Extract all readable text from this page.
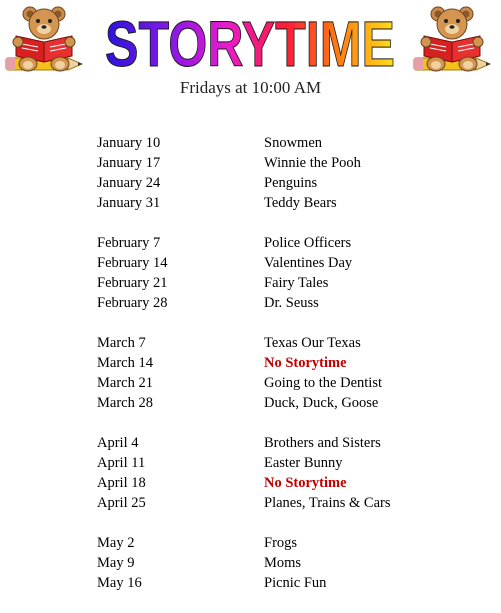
STORYTIME
Fridays at 10:00 AM
January 10	Snowmen
January 17	Winnie the Pooh
January 24	Penguins
January 31	Teddy Bears
February 7	Police Officers
February 14	Valentines Day
February 21	Fairy Tales
February 28	Dr. Seuss
March 7	Texas Our Texas
March 14	No Storytime
March 21	Going to the Dentist
March 28	Duck, Duck, Goose
April 4	Brothers and Sisters
April 11	Easter Bunny
April 18	No Storytime
April 25	Planes, Trains & Cars
May 2	Frogs
May 9	Moms
May 16	Picnic Fun
